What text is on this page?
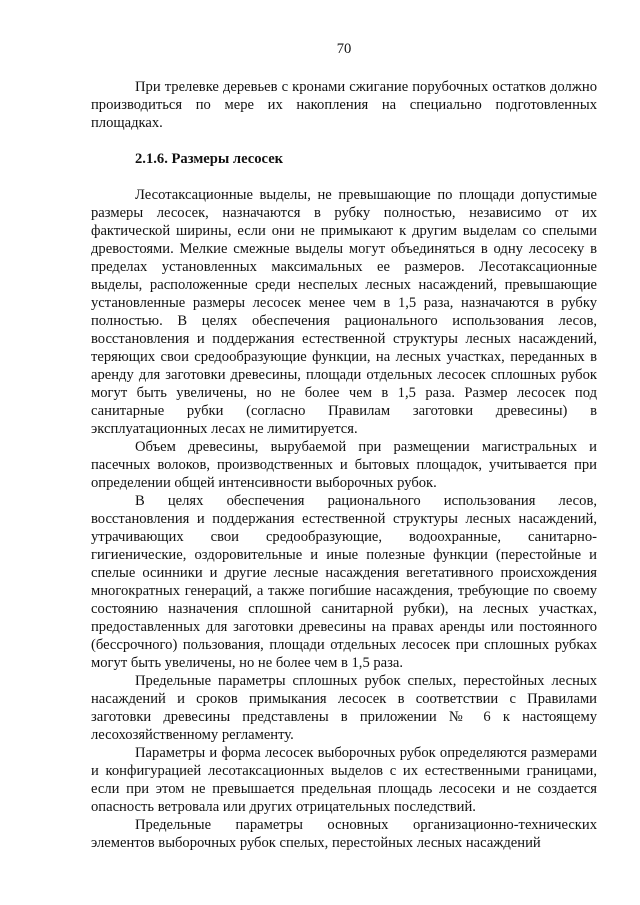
70

При трелевке деревьев с кронами сжигание порубочных остатков должно производиться по мере их накопления на специально подготовленных площадках.

2.1.6. Размеры лесосек

Лесотаксационные выделы, не превышающие по площади допустимые размеры лесосек, назначаются в рубку полностью, независимо от их фактической ширины, если они не примыкают к другим выделам со спелыми древостоями. Мелкие смежные выделы могут объединяться в одну лесосеку в пределах установленных максимальных ее размеров. Лесотаксационные выделы, расположенные среди неспелых лесных насаждений, превышающие установленные размеры лесосек менее чем в 1,5 раза, назначаются в рубку полностью. В целях обеспечения рационального использования лесов, восстановления и поддержания естественной структуры лесных насаждений, теряющих свои средообразующие функции, на лесных участках, переданных в аренду для заготовки древесины, площади отдельных лесосек сплошных рубок могут быть увеличены, но не более чем в 1,5 раза. Размер лесосек под санитарные рубки (согласно Правилам заготовки древесины) в эксплуатационных лесах не лимитируется.

Объем древесины, вырубаемой при размещении магистральных и пасечных волоков, производственных и бытовых площадок, учитывается при определении общей интенсивности выборочных рубок.

В целях обеспечения рационального использования лесов, восстановления и поддержания естественной структуры лесных насаждений, утрачивающих свои средообразующие, водоохранные, санитарно-гигиенические, оздоровительные и иные полезные функции (перестойные и спелые осинники и другие лесные насаждения вегетативного происхождения многократных генераций, а также погибшие насаждения, требующие по своему состоянию назначения сплошной санитарной рубки), на лесных участках, предоставленных для заготовки древесины на правах аренды или постоянного (бессрочного) пользования, площади отдельных лесосек при сплошных рубках могут быть увеличены, но не более чем в 1,5 раза.

Предельные параметры сплошных рубок спелых, перестойных лесных насаждений и сроков примыкания лесосек в соответствии с Правилами заготовки древесины представлены в приложении № 6 к настоящему лесохозяйственному регламенту.

Параметры и форма лесосек выборочных рубок определяются размерами и конфигурацией лесотаксационных выделов с их естественными границами, если при этом не превышается предельная площадь лесосеки и не создается опасность ветровала или других отрицательных последствий.

Предельные параметры основных организационно-технических элементов выборочных рубок спелых, перестойных лесных насаждений
